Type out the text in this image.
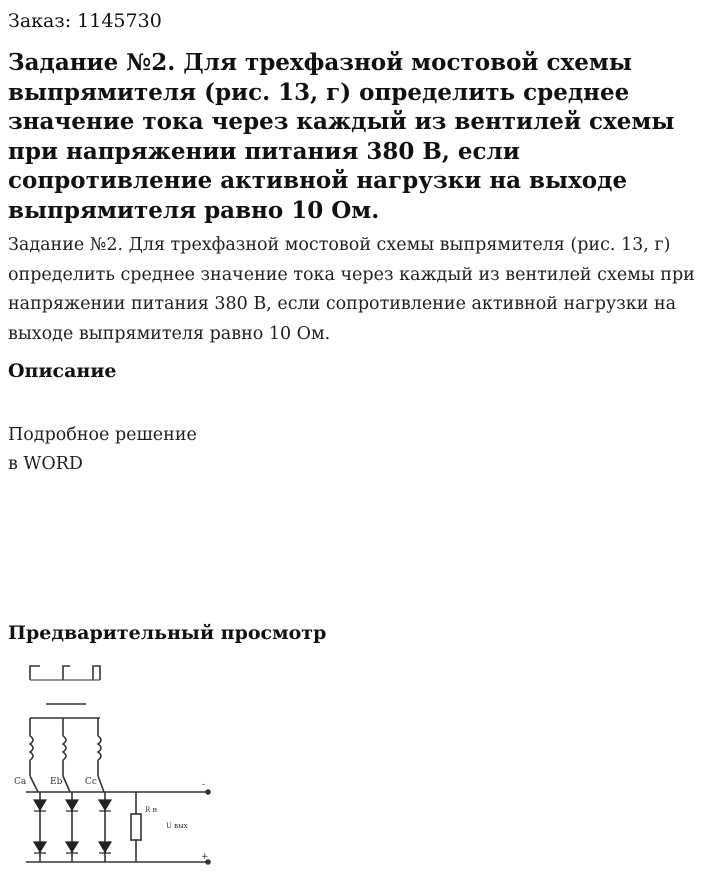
Заказ: 1145730
Задание №2. Для трехфазной мостовой схемы выпрямителя (рис. 13, г) определить среднее значение тока через каждый из вентилей схемы при напряжении питания 380 В, если сопротивление активной нагрузки на выходе выпрямителя равно 10 Ом.

Задание №2. Для трехфазной мостовой схемы выпрямителя (рис. 13, г) определить среднее значение тока через каждый из вентилей схемы при напряжении питания 380 В, если сопротивление активной нагрузки на выходе выпрямителя равно 10 Ом.

Описание
Подробное решение
в WORD
Предварительный просмотр
Ca	Eb	Cc	-
+
R н
U вых
